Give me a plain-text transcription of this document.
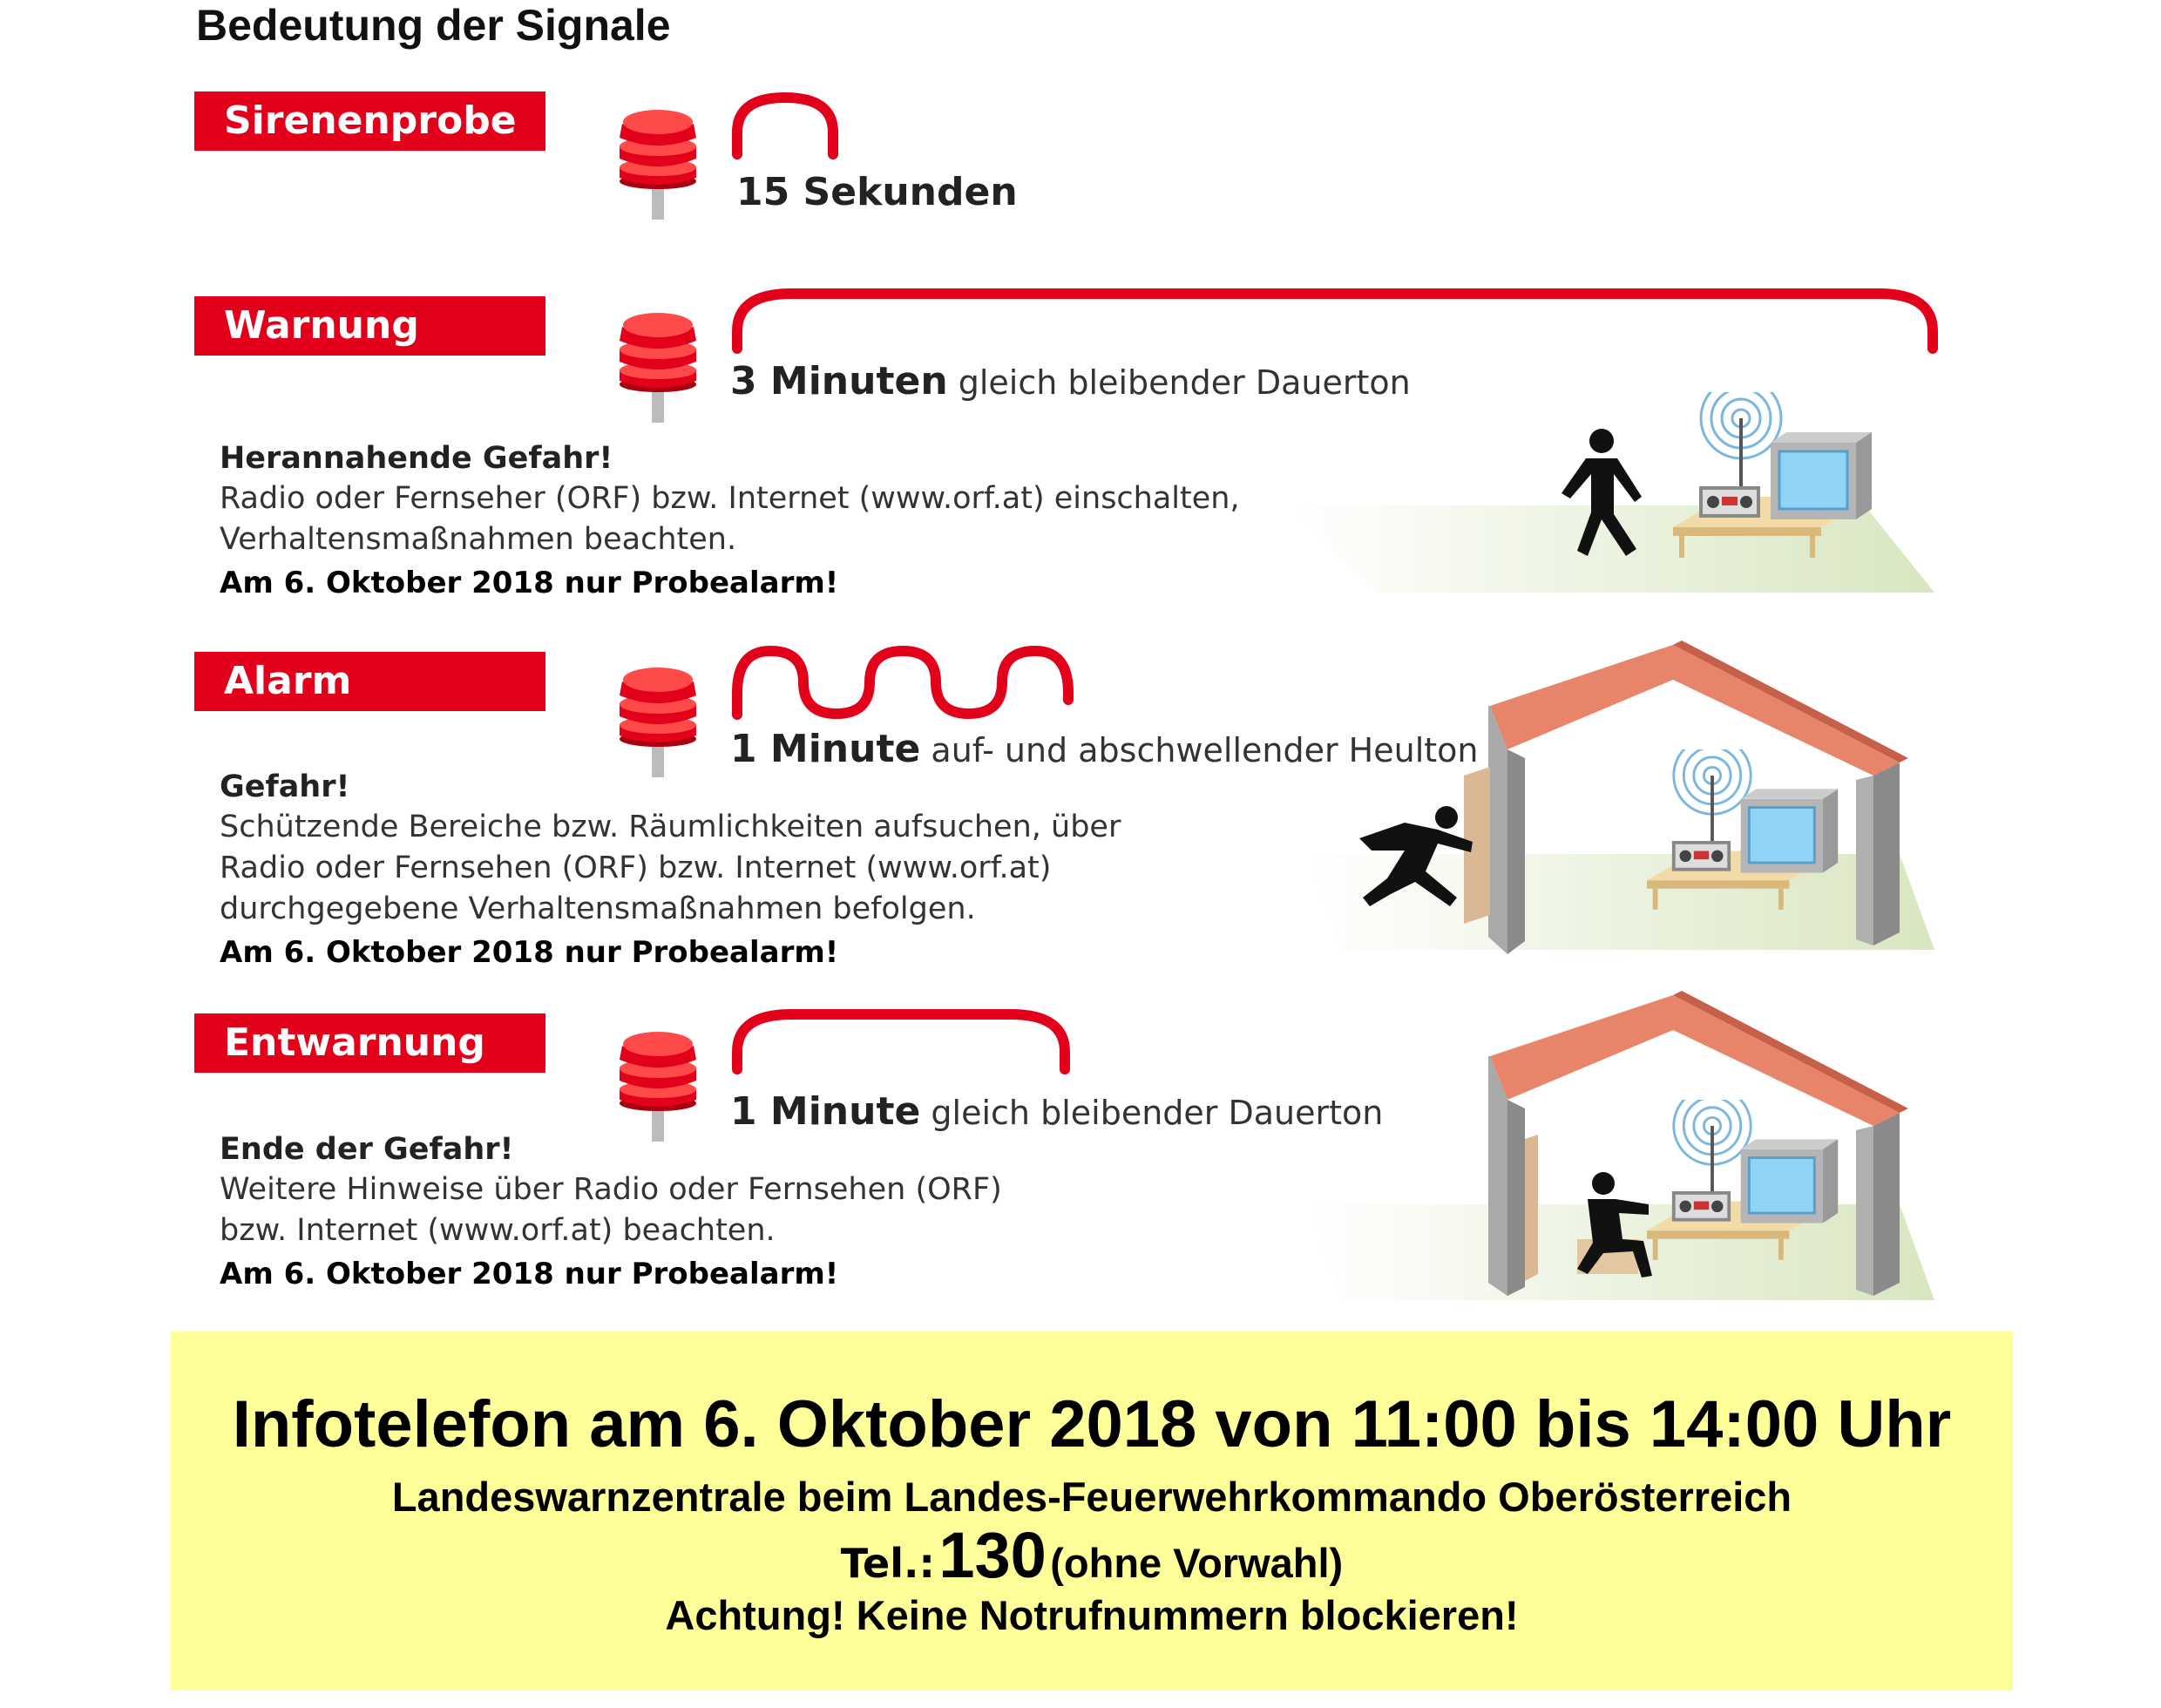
Bedeutung der Signale
Sirenenprobe
15 Sekunden
Warnung
3 Minuten gleich bleibender Dauerton
Herannahende Gefahr!
Radio oder Fernseher (ORF) bzw. Internet (www.orf.at) einschalten,
Verhaltensmaßnahmen beachten.
Am 6. Oktober 2018 nur Probealarm!
Alarm
1 Minute auf- und abschwellender Heulton
Gefahr!
Schützende Bereiche bzw. Räumlichkeiten aufsuchen, über
Radio oder Fernsehen (ORF) bzw. Internet (www.orf.at)
durchgegebene Verhaltensmaßnahmen befolgen.
Am 6. Oktober 2018 nur Probealarm!
Entwarnung
1 Minute gleich bleibender Dauerton
Ende der Gefahr!
Weitere Hinweise über Radio oder Fernsehen (ORF)
bzw. Internet (www.orf.at) beachten.
Am 6. Oktober 2018 nur Probealarm!
Infotelefon am 6. Oktober 2018 von 11:00 bis 14:00 Uhr
Landeswarnzentrale beim Landes-Feuerwehrkommando Oberösterreich
Tel.: 130 (ohne Vorwahl)
Achtung! Keine Notrufnummern blockieren!
